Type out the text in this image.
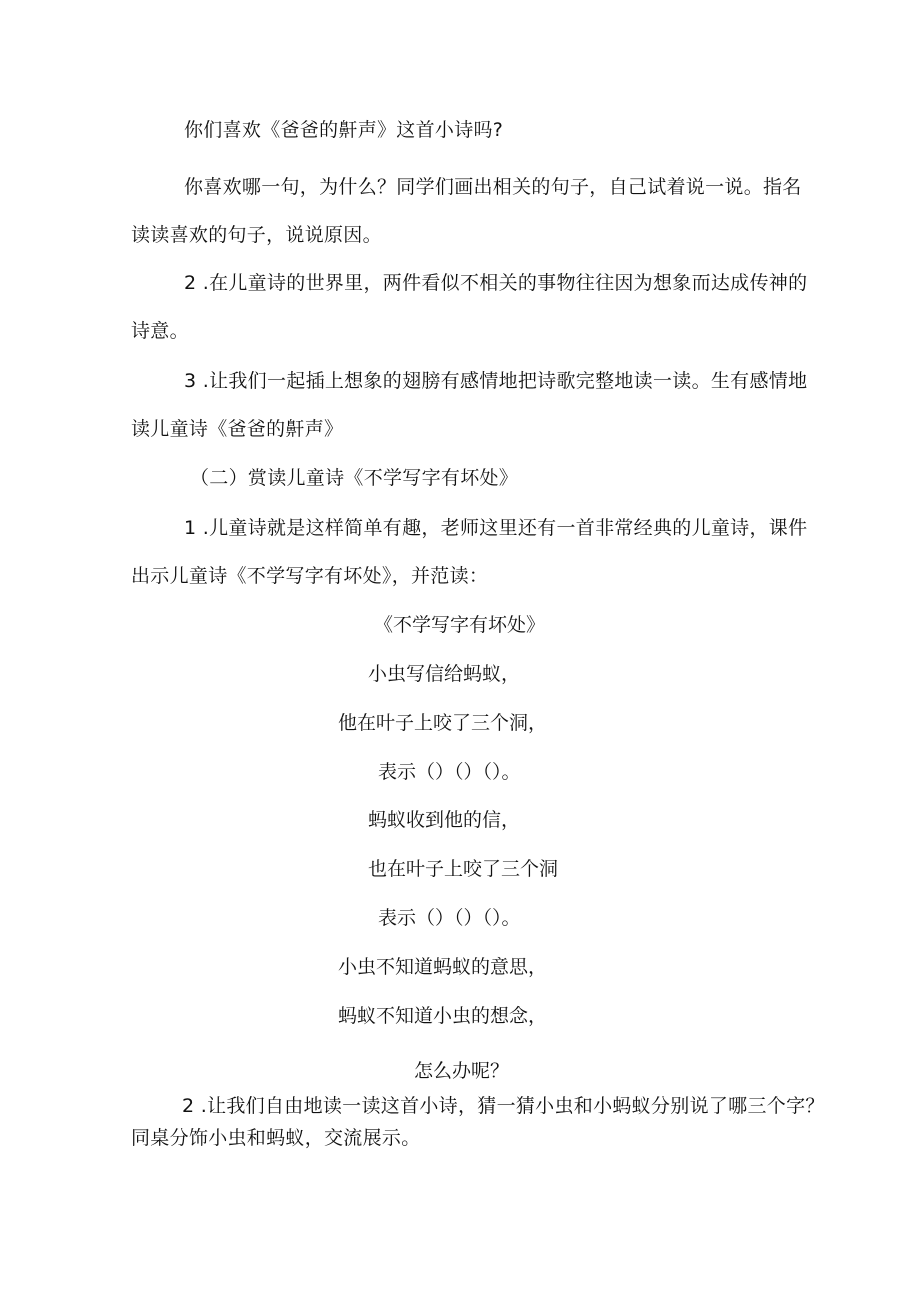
你们喜欢《爸爸的鼾声》这首小诗吗?
你喜欢哪一句，为什么？同学们画出相关的句子，自己试着说一说。指名
读读喜欢的句子，说说原因。
2 .在儿童诗的世界里，两件看似不相关的事物往往因为想象而达成传神的
诗意。
3 .让我们一起插上想象的翅膀有感情地把诗歌完整地读一读。生有感情地
读儿童诗《爸爸的鼾声》
（二）赏读儿童诗《不学写字有坏处》
1 .儿童诗就是这样简单有趣，老师这里还有一首非常经典的儿童诗，课件
出示儿童诗《不学写字有坏处》，并范读：
《不学写字有坏处》
小虫写信给蚂蚁，
他在叶子上咬了三个洞，
表示（）（）（）。
蚂蚁收到他的信，
也在叶子上咬了三个洞
表示（）（）（）。
小虫不知道蚂蚁的意思，
蚂蚁不知道小虫的想念，
怎么办呢？
2 .让我们自由地读一读这首小诗，猜一猜小虫和小蚂蚁分别说了哪三个字？
同桌分饰小虫和蚂蚁，交流展示。
